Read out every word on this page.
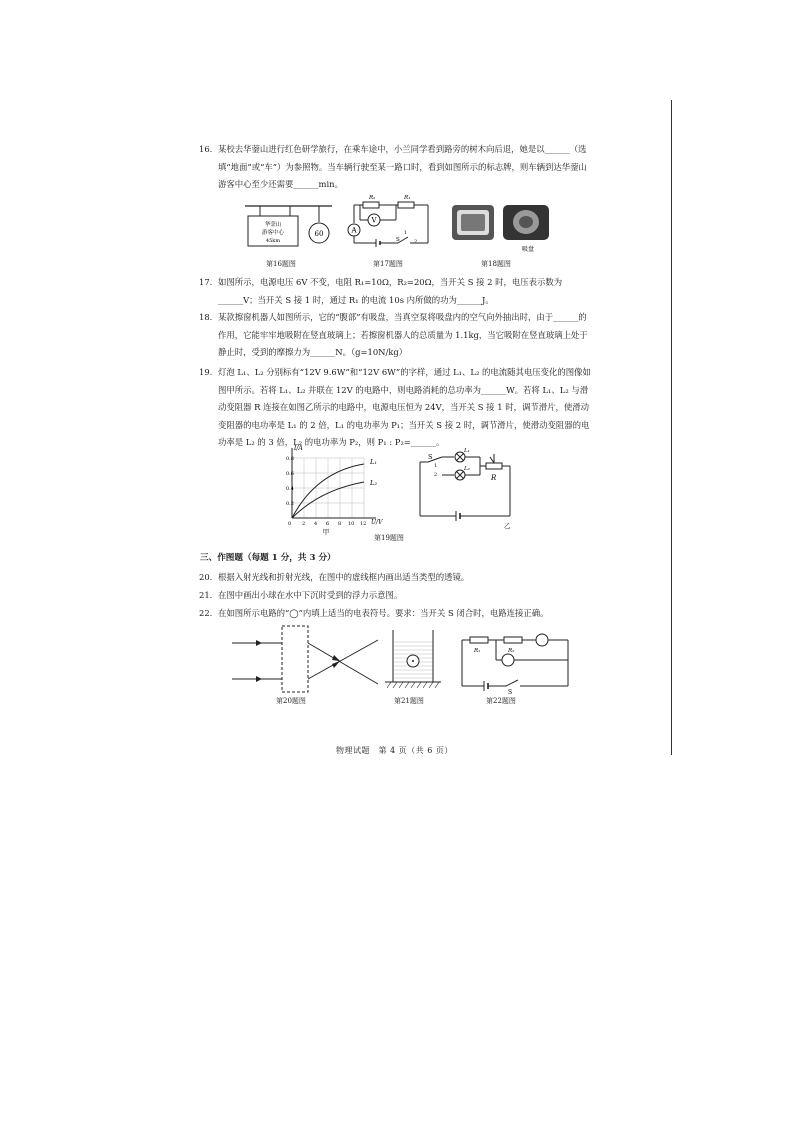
16. 某校去华蓥山进行红色研学旅行，在乘车途中，小兰同学看到路旁的树木向后退，她是以______（选填“地面”或“车”）为参照物。当车辆行驶至某一路口时，看到如图所示的标志牌，则车辆到达华蓥山游客中心至少还需要______min。
华蓥山
游客中心
45km
60
第16题图
R₂	R₁
A
V
S
1
2
第17题图
吸盘
第18题图
17. 如图所示，电源电压 6V 不变，电阻 R₁=10Ω，R₂=20Ω，当开关 S 接 2 时，电压表示数为______V；当开关 S 接 1 时，通过 R₁ 的电流 10s 内所做的功为______J。
18. 某款擦窗机器人如图所示，它的“腹部”有吸盘，当真空泵将吸盘内的空气向外抽出时，由于______的作用，它能牢牢地吸附在竖直玻璃上；若擦窗机器人的总质量为 1.1kg，当它吸附在竖直玻璃上处于静止时，受到的摩擦力为______N。（g=10N/kg）
19. 灯泡 L₁、L₂ 分别标有“12V 9.6W”和“12V 6W”的字样，通过 L₁、L₂ 的电流随其电压变化的图像如图甲所示。若将 L₁、L₂ 并联在 12V 的电路中，则电路消耗的总功率为______W。若将 L₁、L₂ 与滑动变阻器 R 连接在如图乙所示的电路中，电源电压恒为 24V，当开关 S 接 1 时，调节滑片，使滑动变阻器的电功率是 L₁ 的 2 倍，L₁ 的电功率为 P₁；当开关 S 接 2 时，调节滑片，使滑动变阻器的电功率是 L₂ 的 3 倍，L₂ 的电功率为 P₂，则 P₁ : P₂=______。
L₁
L₂
I/A
U/V
0.8
0.6
0.4
0.2
0 2 4 6 8 10 12
甲
S
1
2
L₁
L₂
R
乙
第19题图
三、作图题（每题 1 分，共 3 分）
20. 根据入射光线和折射光线，在图中的虚线框内画出适当类型的透镜。
21. 在图中画出小球在水中下沉时受到的浮力示意图。
22. 在如图所示电路的“◯”内填上适当的电表符号。要求：当开关 S 闭合时，电路连接正确。
第20题图	第21题图
R₁	R₂
S
第22题图
物理试题　第 4 页（共 6 页）
